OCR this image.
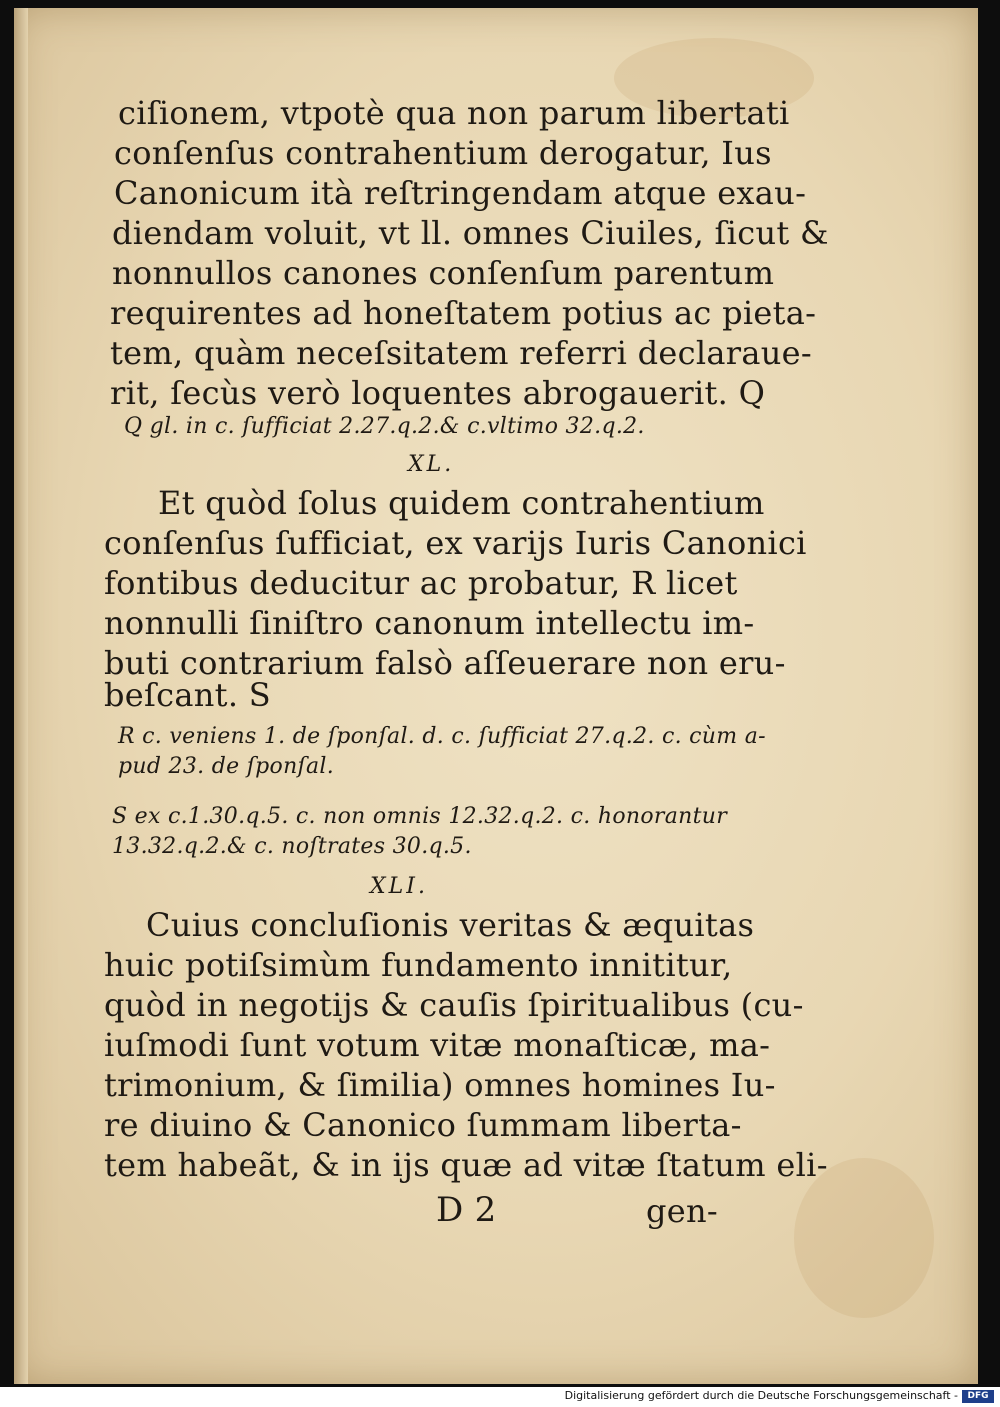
ciſionem, vtpotè qua non parum libertati
conſenſus contrahentium derogatur, Ius
Canonicum ità reſtringendam atque exau-
diendam voluit, vt ll. omnes Ciuiles, ſicut &
nonnullos canones conſenſum parentum
requirentes ad honeſtatem potius ac pieta-
tem, quàm neceſsitatem referri declaraue-
rit, ſecùs verò loquentes abrogauerit. Q
Q gl. in c. ſufficiat 2.27.q.2.& c.vltimo 32.q.2.
XL.
Et quòd ſolus quidem contrahentium
conſenſus ſufficiat, ex varijs Iuris Canonici
fontibus deducitur ac probatur, R licet
nonnulli ſiniſtro canonum intellectu im-
buti contrarium falsò aſſeuerare non eru-
beſcant. S
R c. veniens 1. de ſponſal. d. c. ſufficiat 27.q.2. c. cùm a-
pud 23. de ſponſal.
S ex c.1.30.q.5. c. non omnis 12.32.q.2. c. honorantur
13.32.q.2.& c. noſtrates 30.q.5.
XLI.
Cuius concluſionis veritas & æquitas
huic potiſsimùm fundamento innititur,
quòd in negotijs & cauſis ſpiritualibus (cu-
iuſmodi ſunt votum vitæ monaſticæ, ma-
trimonium, & ſimilia) omnes homines Iu-
re diuino & Canonico ſummam liberta-
tem habeãt, & in ijs quæ ad vitæ ſtatum eli-
D 2	gen-
Digitalisierung gefördert durch die Deutsche Forschungsgemeinschaft -	DFG
